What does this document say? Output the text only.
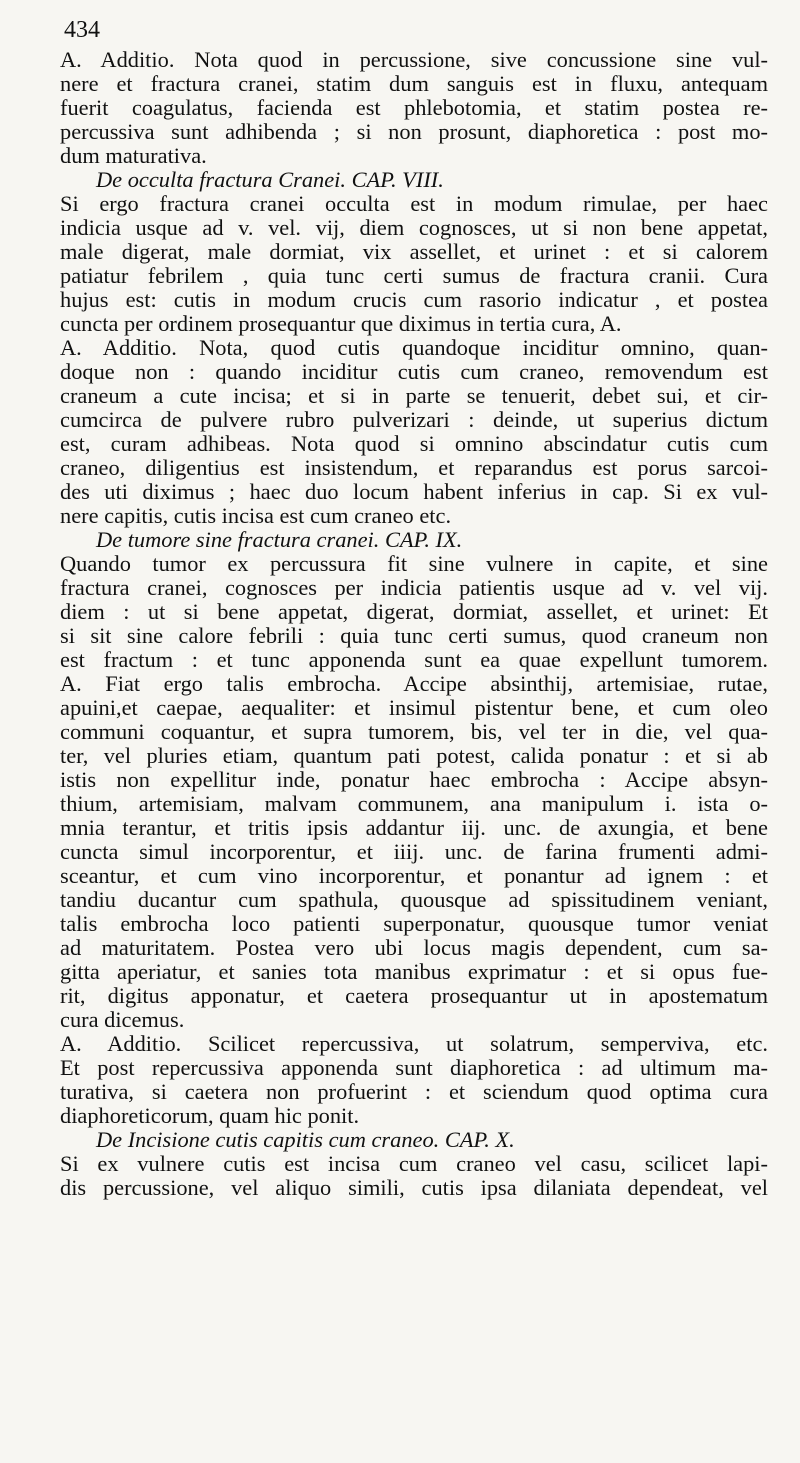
434
A. Additio. Nota quod in percussione, sive concussione sine vul-
nere et fractura cranei, statim dum sanguis est in fluxu, antequam
fuerit coagulatus, facienda est phlebotomia, et statim postea re-
percussiva sunt adhibenda ; si non prosunt, diaphoretica : post mo-
dum maturativa.
De occulta fractura Cranei. CAP. VIII.
Si ergo fractura cranei occulta est in modum rimulae, per haec
indicia usque ad v. vel. vij, diem cognosces, ut si non bene appetat,
male digerat, male dormiat, vix assellet, et urinet : et si calorem
patiatur febrilem , quia tunc certi sumus de fractura cranii. Cura
hujus est: cutis in modum crucis cum rasorio indicatur , et postea
cuncta per ordinem prosequantur que diximus in tertia cura, A.
A. Additio. Nota, quod cutis quandoque inciditur omnino, quan-
doque non : quando inciditur cutis cum craneo, removendum est
craneum a cute incisa; et si in parte se tenuerit, debet sui, et cir-
cumcirca de pulvere rubro pulverizari : deinde, ut superius dictum
est, curam adhibeas. Nota quod si omnino abscindatur cutis cum
craneo, diligentius est insistendum, et reparandus est porus sarcoi-
des uti diximus ; haec duo locum habent inferius in cap. Si ex vul-
nere capitis, cutis incisa est cum craneo etc.
De tumore sine fractura cranei. CAP. IX.
Quando tumor ex percussura fit sine vulnere in capite, et sine
fractura cranei, cognosces per indicia patientis usque ad v. vel vij.
diem : ut si bene appetat, digerat, dormiat, assellet, et urinet: Et
si sit sine calore febrili : quia tunc certi sumus, quod craneum non
est fractum : et tunc apponenda sunt ea quae expellunt tumorem.
A. Fiat ergo talis embrocha. Accipe absinthij, artemisiae, rutae,
apuini,et caepae, aequaliter: et insimul pistentur bene, et cum oleo
communi coquantur, et supra tumorem, bis, vel ter in die, vel qua-
ter, vel pluries etiam, quantum pati potest, calida ponatur : et si ab
istis non expellitur inde, ponatur haec embrocha : Accipe absyn-
thium, artemisiam, malvam communem, ana manipulum i. ista o-
mnia terantur, et tritis ipsis addantur iij. unc. de axungia, et bene
cuncta simul incorporentur, et iiij. unc. de farina frumenti admi-
sceantur, et cum vino incorporentur, et ponantur ad ignem : et
tandiu ducantur cum spathula, quousque ad spissitudinem veniant,
talis embrocha loco patienti superponatur, quousque tumor veniat
ad maturitatem. Postea vero ubi locus magis dependent, cum sa-
gitta aperiatur, et sanies tota manibus exprimatur : et si opus fue-
rit, digitus apponatur, et caetera prosequantur ut in apostematum
cura dicemus.
A. Additio. Scilicet repercussiva, ut solatrum, semperviva, etc.
Et post repercussiva apponenda sunt diaphoretica : ad ultimum ma-
turativa, si caetera non profuerint : et sciendum quod optima cura
diaphoreticorum, quam hic ponit.
De Incisione cutis capitis cum craneo. CAP. X.
Si ex vulnere cutis est incisa cum craneo vel casu, scilicet lapi-
dis percussione, vel aliquo simili, cutis ipsa dilaniata dependeat, vel
